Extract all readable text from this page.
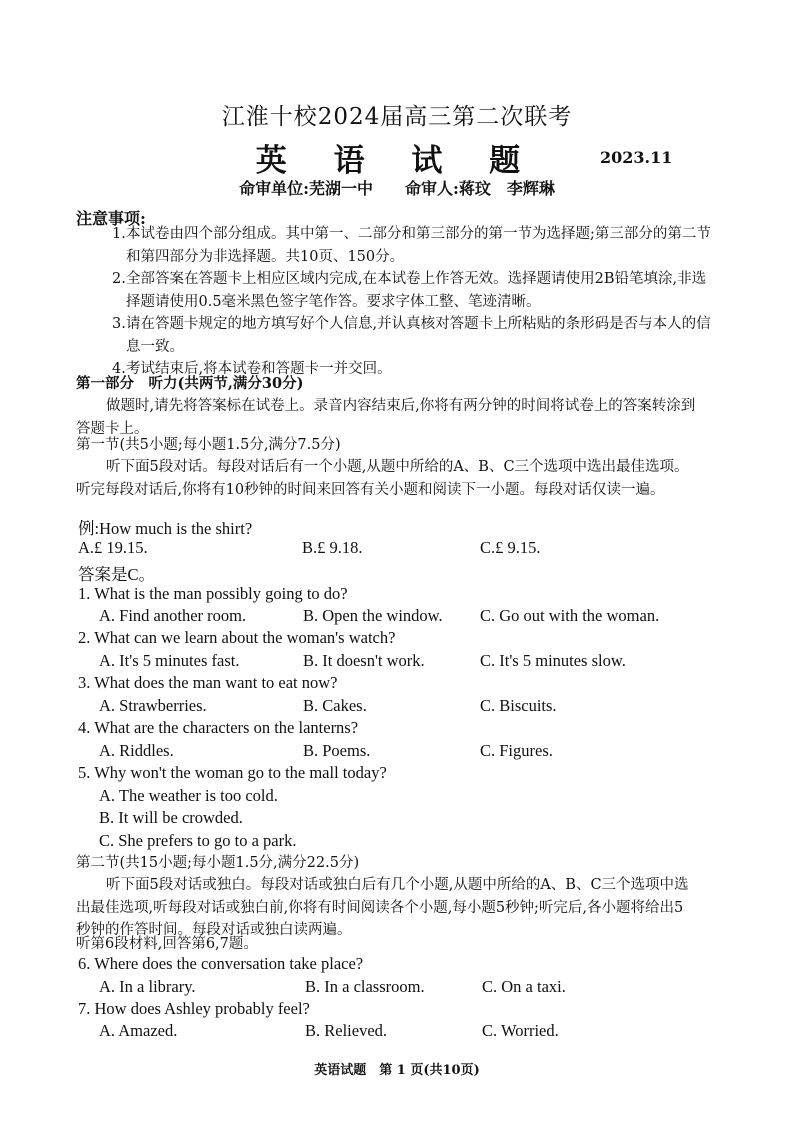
江淮十校2024届高三第二次联考
英 语 试 题	2023.11
命审单位:芜湖一中　　命审人:蒋玟　李辉琳
注意事项:
1. 本试卷由四个部分组成。其中第一、二部分和第三部分的第一节为选择题;第三部分的第二节和第四部分为非选择题。共10页、150分。
2. 全部答案在答题卡上相应区域内完成,在本试卷上作答无效。选择题请使用2B铅笔填涂,非选择题请使用0.5毫米黑色签字笔作答。要求字体工整、笔迹清晰。
3. 请在答题卡规定的地方填写好个人信息,并认真核对答题卡上所粘贴的条形码是否与本人的信息一致。
4. 考试结束后,将本试卷和答题卡一并交回。
第一部分　听力(共两节,满分30分)
做题时,请先将答案标在试卷上。录音内容结束后,你将有两分钟的时间将试卷上的答案转涂到答题卡上。
第一节(共5小题;每小题1.5分,满分7.5分)
听下面5段对话。每段对话后有一个小题,从题中所给的A、B、C三个选项中选出最佳选项。听完每段对话后,你将有10秒钟的时间来回答有关小题和阅读下一小题。每段对话仅读一遍。
例:How much is the shirt?
A.£ 19.15.	B.£ 9.18.	C.£ 9.15.
答案是C。
1. What is the man possibly going to do?
A. Find another room.	B. Open the window. C. Go out with the woman.
2. What can we learn about the woman's watch?
A. It's 5 minutes fast.	B. It doesn't work.	C. It's 5 minutes slow.
3. What does the man want to eat now?
A. Strawberries.	B. Cakes.	C. Biscuits.
4. What are the characters on the lanterns?
A. Riddles.	B. Poems.	C. Figures.
5. Why won't the woman go to the mall today?
A. The weather is too cold.
B. It will be crowded.
C. She prefers to go to a park.
第二节(共15小题;每小题1.5分,满分22.5分)
听下面5段对话或独白。每段对话或独白后有几个小题,从题中所给的A、B、C三个选项中选出最佳选项,听每段对话或独白前,你将有时间阅读各个小题,每小题5秒钟;听完后,各小题将给出5秒钟的作答时间。每段对话或独白读两遍。
听第6段材料,回答第6,7题。
6. Where does the conversation take place?
A. In a library.	B. In a classroom.	C. On a taxi.
7. How does Ashley probably feel?
A. Amazed.	B. Relieved.	C. Worried.
英语试题　第 1 页(共10页)
